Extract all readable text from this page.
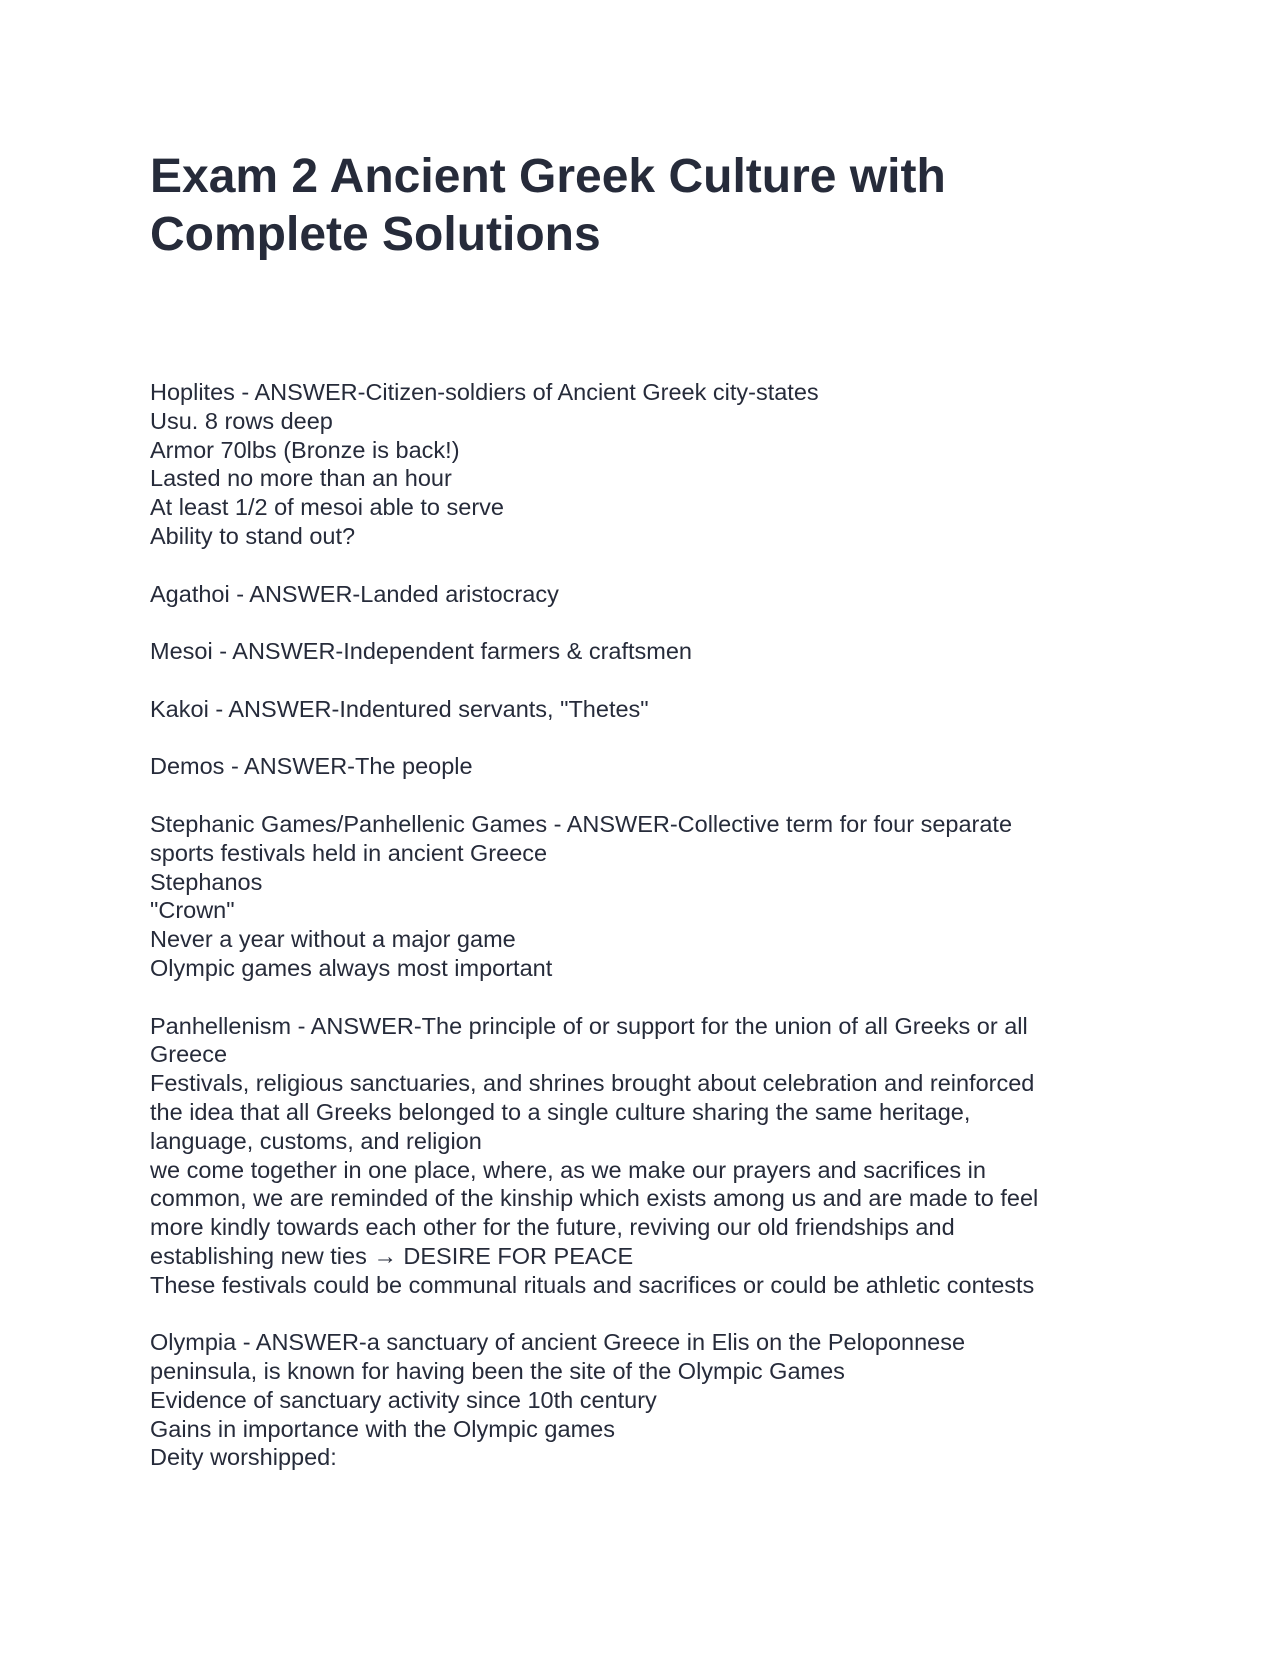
Exam 2 Ancient Greek Culture with Complete Solutions
Hoplites - ANSWER-Citizen-soldiers of Ancient Greek city-states
Usu. 8 rows deep
Armor 70lbs (Bronze is back!)
Lasted no more than an hour
At least 1/2 of mesoi able to serve
Ability to stand out?
Agathoi - ANSWER-Landed aristocracy
Mesoi - ANSWER-Independent farmers & craftsmen
Kakoi - ANSWER-Indentured servants, "Thetes"
Demos - ANSWER-The people
Stephanic Games/Panhellenic Games - ANSWER-Collective term for four separate
sports festivals held in ancient Greece
Stephanos
"Crown"
Never a year without a major game
Olympic games always most important
Panhellenism - ANSWER-The principle of or support for the union of all Greeks or all
Greece
Festivals, religious sanctuaries, and shrines brought about celebration and reinforced
the idea that all Greeks belonged to a single culture sharing the same heritage,
language, customs, and religion
we come together in one place, where, as we make our prayers and sacrifices in
common, we are reminded of the kinship which exists among us and are made to feel
more kindly towards each other for the future, reviving our old friendships and
establishing new ties → DESIRE FOR PEACE
These festivals could be communal rituals and sacrifices or could be athletic contests
Olympia - ANSWER-a sanctuary of ancient Greece in Elis on the Peloponnese
peninsula, is known for having been the site of the Olympic Games
Evidence of sanctuary activity since 10th century
Gains in importance with the Olympic games
Deity worshipped:
